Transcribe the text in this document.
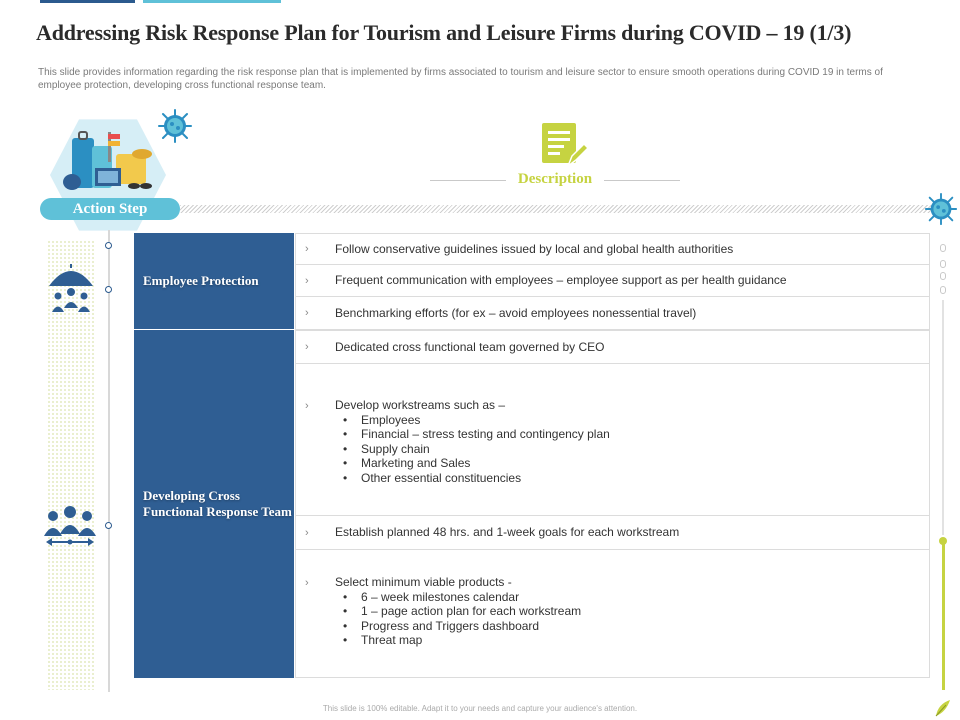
Addressing Risk Response Plan for Tourism and Leisure Firms during COVID – 19 (1/3)

This slide provides information regarding the risk response plan that is implemented by firms associated to tourism and leisure sector to ensure smooth operations during COVID 19 in terms of employee protection, developing cross functional response team.

Action Step
Description
Employee Protection
Developing Cross Functional Response Team
› Follow conservative guidelines issued by local and global health authorities
› Frequent communication with employees – employee support as per health guidance
› Benchmarking efforts (for ex – avoid employees nonessential travel)
› Dedicated cross functional team governed by CEO
› Develop workstreams such as –
• Employees
• Financial – stress testing and contingency plan
• Supply chain
• Marketing and Sales
• Other essential constituencies
› Establish planned 48 hrs. and 1-week goals for each workstream
› Select minimum viable products -
• 6 – week milestones calendar
• 1 – page action plan for each workstream
• Progress and Triggers dashboard
• Threat map
This slide is 100% editable. Adapt it to your needs and capture your audience's attention.
